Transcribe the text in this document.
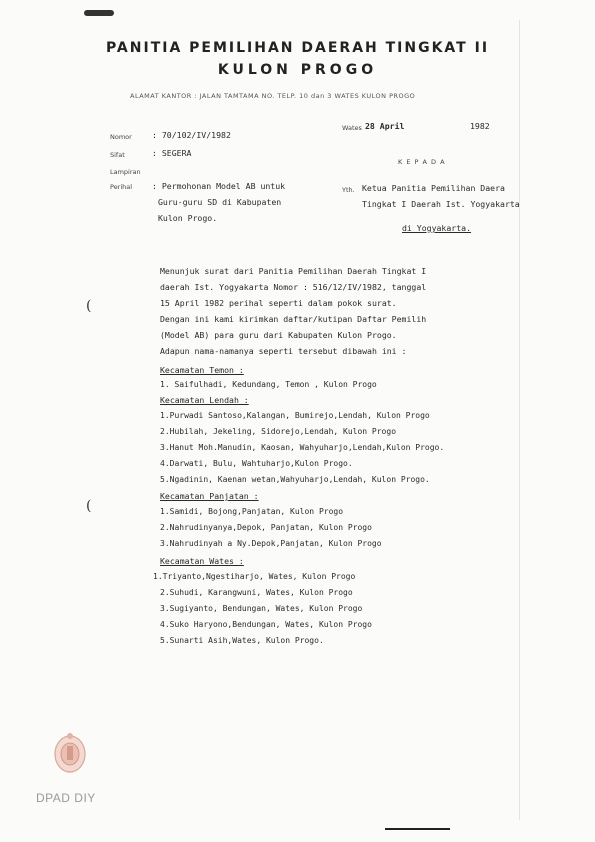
PANITIA PEMILIHAN DAERAH TINGKAT II
KULON PROGO
ALAMAT KANTOR : JALAN TAMTAMA NO. TELP. 10 dan 3 WATES KULON PROGO
Nomor : 70/102/IV/1982
Sifat	: SEGERA
Lampiran
Perihal : Permohonan Model AB untuk
Guru-guru SD di Kabupaten
Kulon Progo.
Wates 28 April	1982
K E P A D A
Yth. Ketua Panitia Pemilihan Daera
Tingkat I Daerah Ist. Yogyakarta
di Yogyakarta.
Menunjuk surat dari Panitia Pemilihan Daerah Tingkat I
daerah Ist. Yogyakarta Nomor : 516/12/IV/1982, tanggal
15 April 1982 perihal seperti dalam pokok surat.
Dengan ini kami kirimkan daftar/kutipan Daftar Pemilih
(Model AB) para guru dari Kabupaten Kulon Progo.
Adapun nama-namanya seperti tersebut dibawah ini :
Kecamatan Temon :
1. Saifulhadi, Kedundang, Temon , Kulon Progo
Kecamatan Lendah :
1.Purwadi Santoso,Kalangan, Bumirejo,Lendah, Kulon Progo
2.Hubilah, Jekeling, Sidorejo,Lendah, Kulon Progo
3.Hanut Moh.Manudin, Kaosan, Wahyuharjo,Lendah,Kulon Progo.
4.Darwati, Bulu, Wahtuharjo,Kulon Progo.
5.Ngadinin, Kaenan wetan,Wahyuharjo,Lendah, Kulon Progo.
Kecamatan Panjatan :
1.Samidi, Bojong,Panjatan, Kulon Progo
2.Nahrudinyanya,Depok, Panjatan, Kulon Progo
3.Nahrudinyah a Ny.Depok,Panjatan, Kulon Progo
Kecamatan Wates :
1.Triyanto,Ngestiharjo, Wates, Kulon Progo
2.Suhudi, Karangwuni, Wates, Kulon Progo
3.Sugiyanto, Bendungan, Wates, Kulon Progo
4.Suko Haryono,Bendungan, Wates, Kulon Progo
5.Sunarti Asih,Wates, Kulon Progo.
(
(
DPAD DIY
